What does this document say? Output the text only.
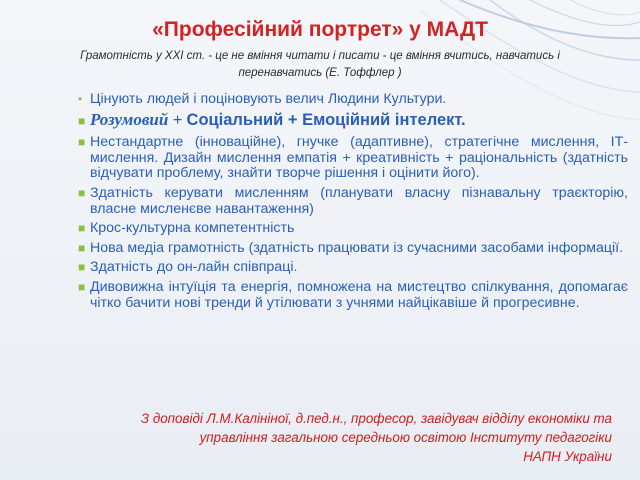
«Професійний портрет» у МАДТ
Грамотність у ХХІ ст. - це не вміння читати і писати - це вміння вчитись, навчатись і
перенавчатись (Е. Тоффлер )
• Цінують людей і поціновують велич Людини Культури.
■ Розумовий + Соціальний + Емоційний інтелект.
■ Нестандартне (інноваційне), гнучке (адаптивне), стратегічне мислення, ІТ-мислення. Дизайн мислення емпатія + креативність + раціональність (здатність відчувати проблему, знайти творче рішення і оцінити його).
■ Здатність керувати мисленням (планувати власну пізнавальну траєкторію, власне мисленєве навантаження)
■ Крос-культурна компетентність
■ Нова медіа грамотність (здатність працювати із сучасними засобами інформації.
■ Здатність до он-лайн співпраці.
■ Дивовижна інтуїція та енергія, помножена на мистецтво спілкування, допомагає чітко бачити нові тренди й утілювати з учнями найцікавіше й прогресивне.
З доповіді Л.М.Калініної, д.пед.н., професор, завідувач відділу економіки та
управління загальною середньою освітою Інституту педагогіки
НАПН України
